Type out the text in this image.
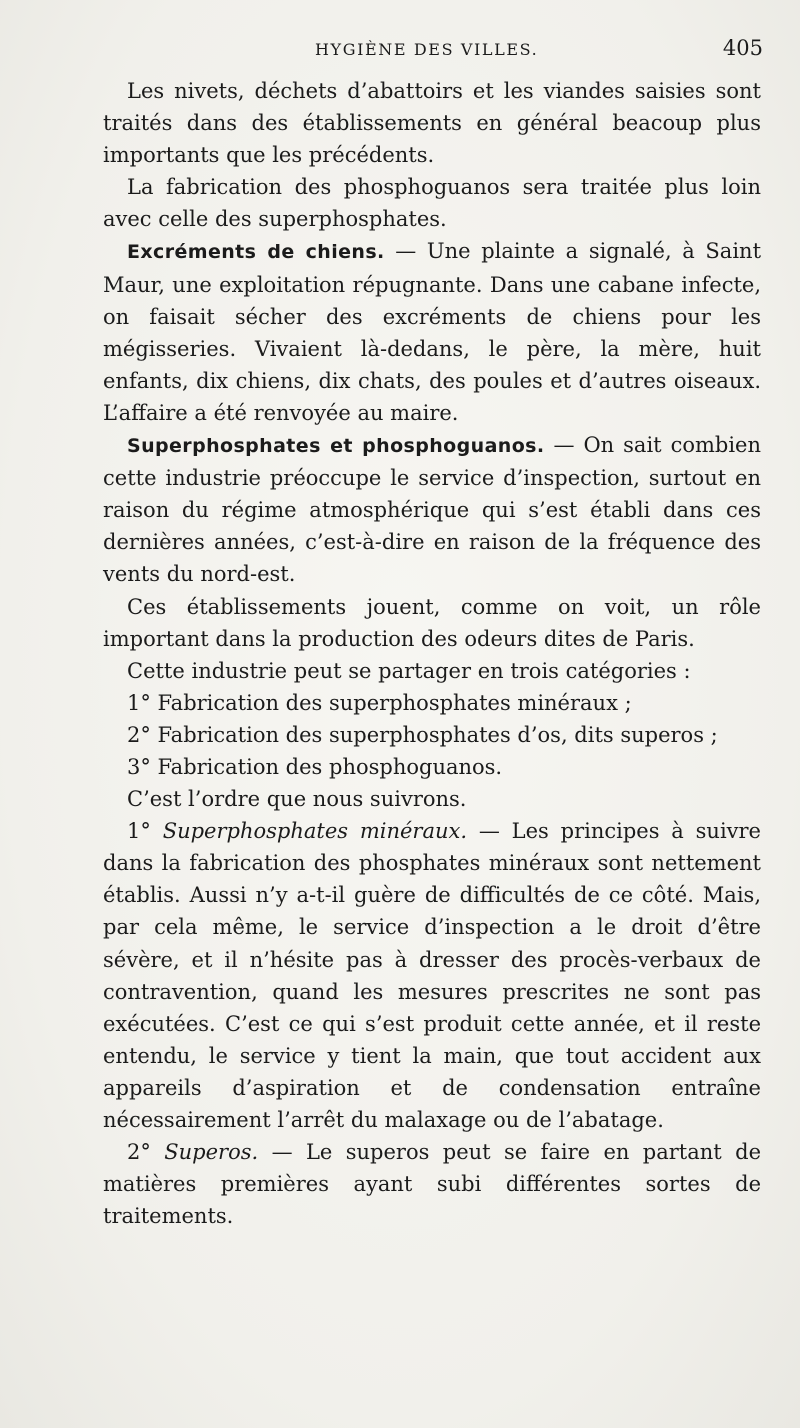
HYGIÈNE DES VILLES.	405

Les nivets, déchets d’abattoirs et les viandes saisies sont traités dans des établissements en général beacoup plus importants que les précédents.

La fabrication des phosphoguanos sera traitée plus loin avec celle des superphosphates.

Excréments de chiens. — Une plainte a signalé, à Saint Maur, une exploitation répugnante. Dans une cabane infecte, on faisait sécher des excréments de chiens pour les mégisseries. Vivaient là-dedans, le père, la mère, huit enfants, dix chiens, dix chats, des poules et d’autres oiseaux. L’affaire a été renvoyée au maire.

Superphosphates et phosphoguanos. — On sait combien cette industrie préoccupe le service d’inspection, surtout en raison du régime atmosphérique qui s’est établi dans ces dernières années, c’est-à-dire en raison de la fréquence des vents du nord-est.

Ces établissements jouent, comme on voit, un rôle important dans la production des odeurs dites de Paris.

Cette industrie peut se partager en trois catégories :

1° Fabrication des superphosphates minéraux ;

2° Fabrication des superphosphates d’os, dits superos ;

3° Fabrication des phosphoguanos.

C’est l’ordre que nous suivrons.

1° Superphosphates minéraux. — Les principes à suivre dans la fabrication des phosphates minéraux sont nettement établis. Aussi n’y a-t-il guère de difficultés de ce côté. Mais, par cela même, le service d’inspection a le droit d’être sévère, et il n’hésite pas à dresser des procès-verbaux de contravention, quand les mesures prescrites ne sont pas exécutées. C’est ce qui s’est produit cette année, et il reste entendu, le service y tient la main, que tout accident aux appareils d’aspiration et de condensation entraîne nécessairement l’arrêt du malaxage ou de l’abatage.

2° Superos. — Le superos peut se faire en partant de matières premières ayant subi différentes sortes de traitements.
